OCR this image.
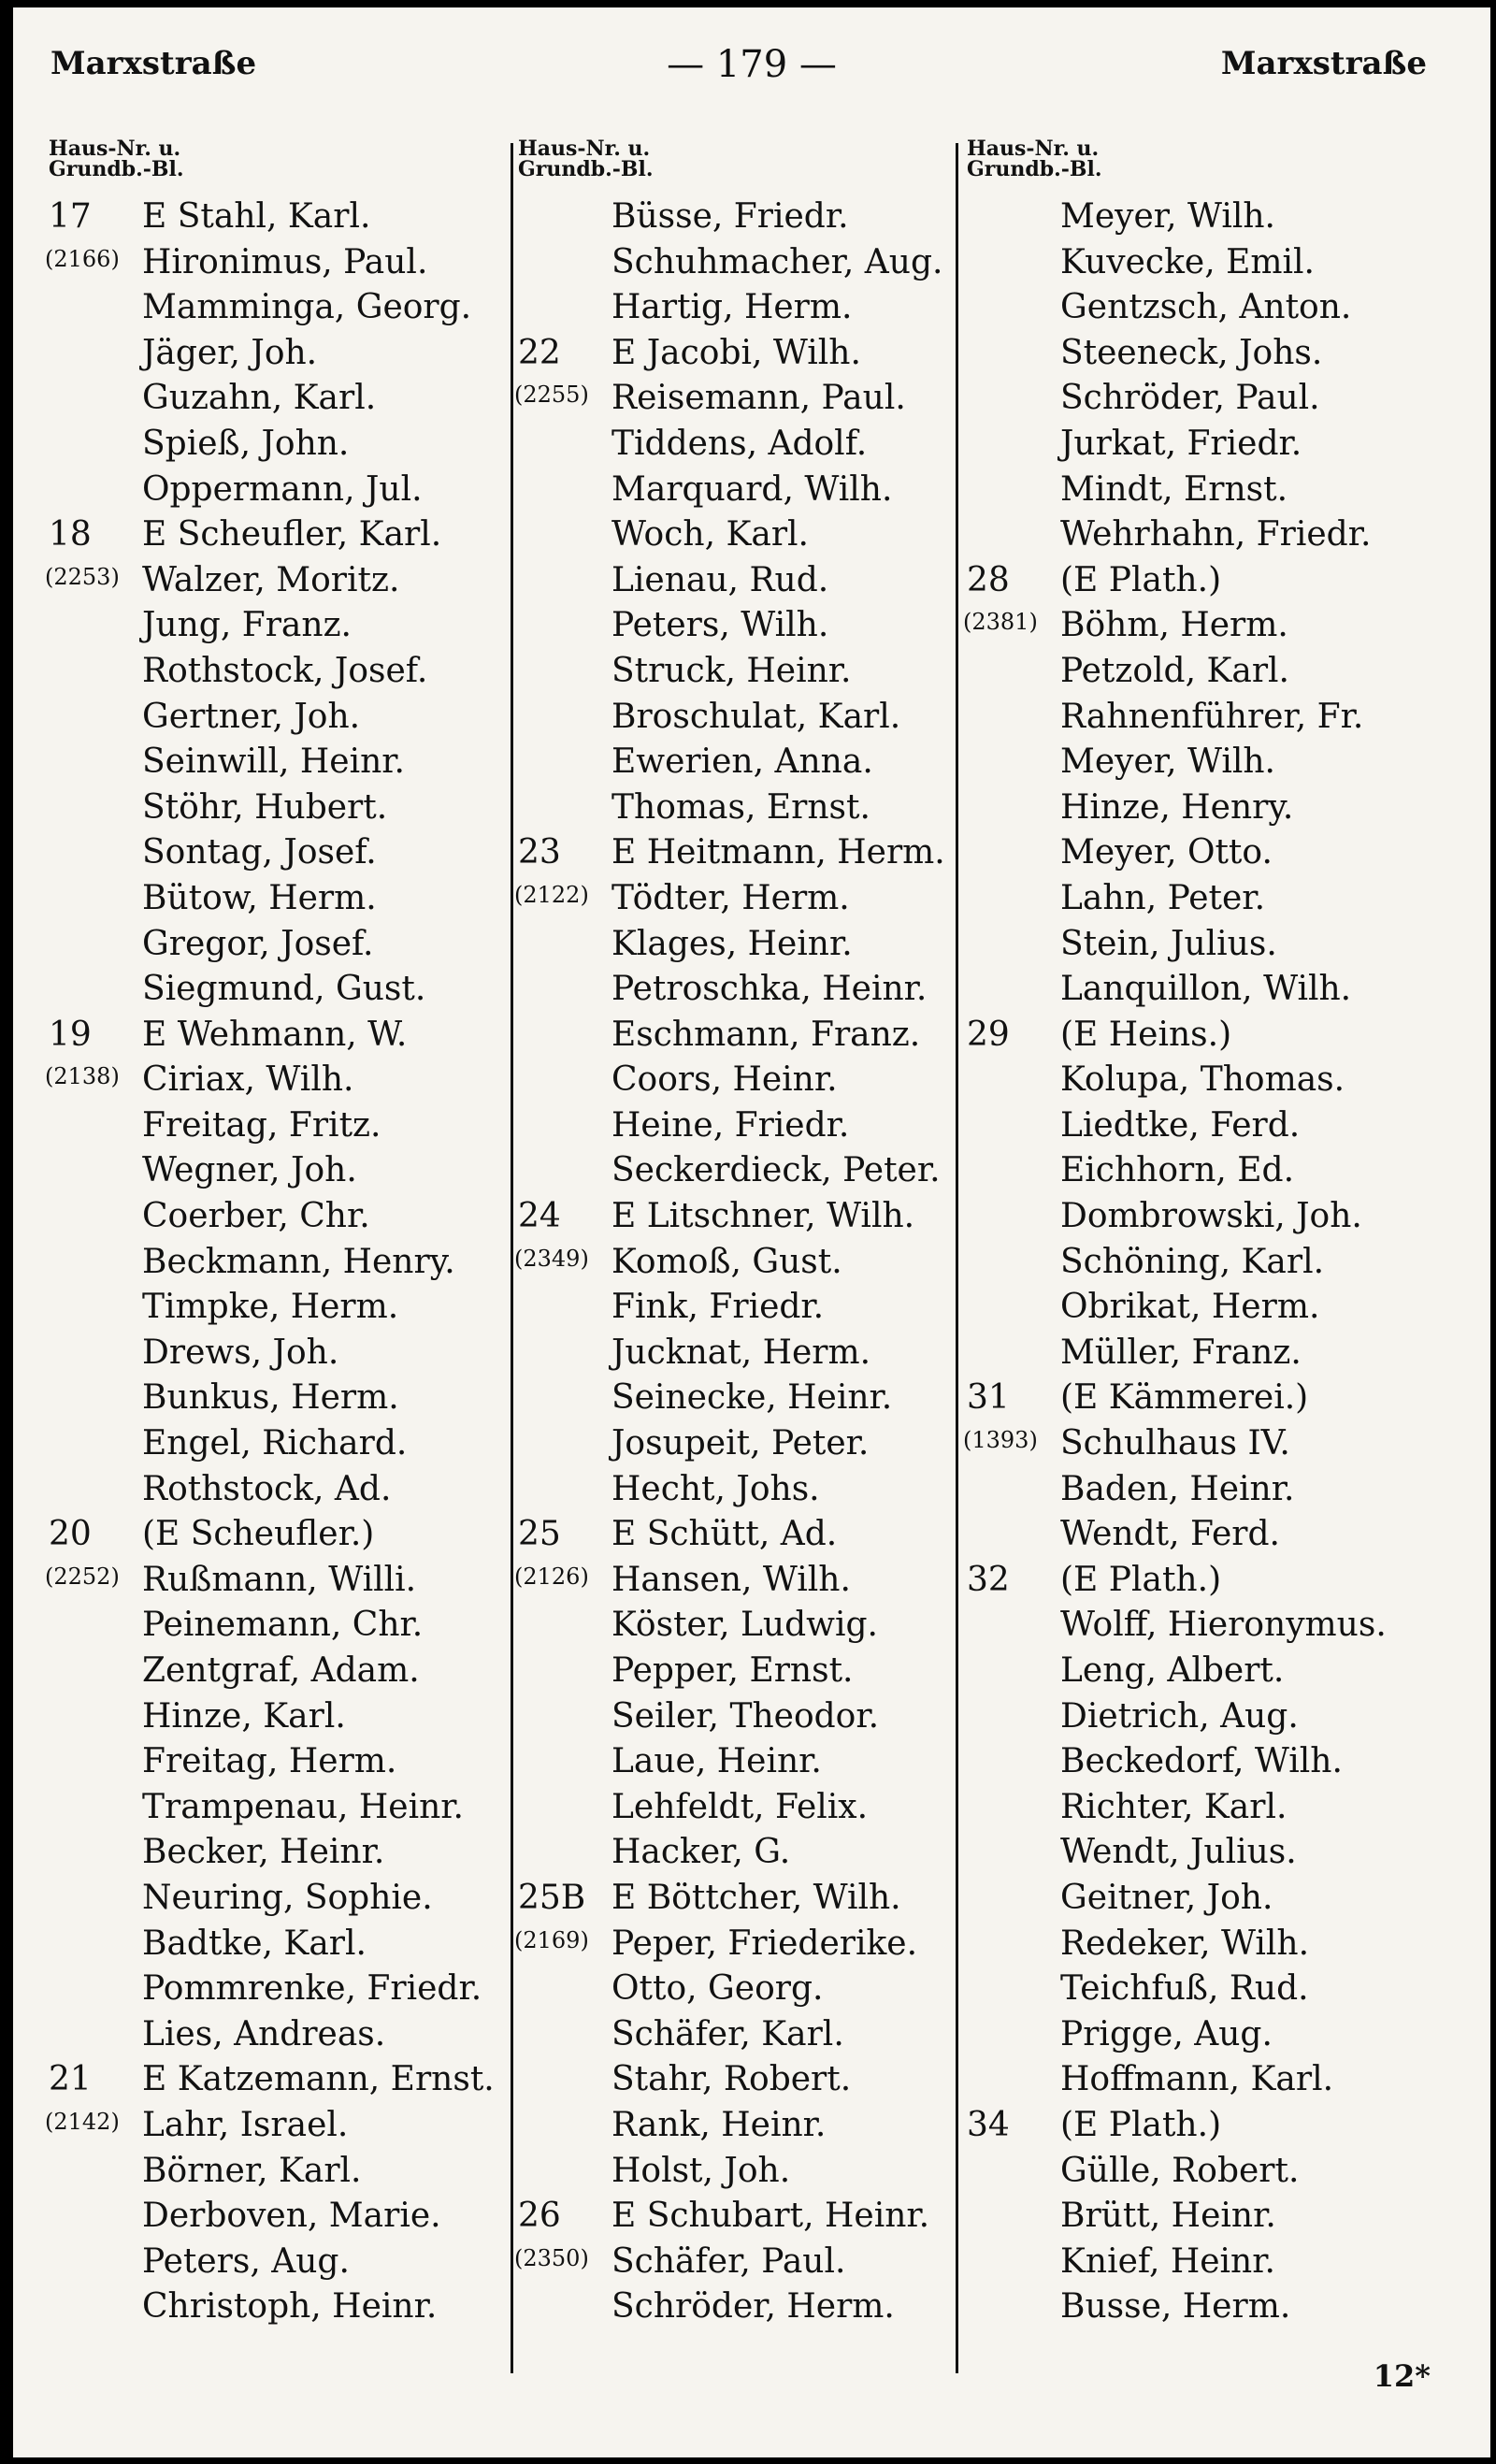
Marxstraße	— 179 —	Marxstraße
Haus-Nr. u.
Grundb.-Bl.
17 E Stahl, Karl.
(2166) Hironimus, Paul.
Mamminga, Georg.
Jäger, Joh.
Guzahn, Karl.
Spieß, John.
Oppermann, Jul.
18 E Scheufler, Karl.
(2253) Walzer, Moritz.
Jung, Franz.
Rothstock, Josef.
Gertner, Joh.
Seinwill, Heinr.
Stöhr, Hubert.
Sontag, Josef.
Bütow, Herm.
Gregor, Josef.
Siegmund, Gust.
19 E Wehmann, W.
(2138) Ciriax, Wilh.
Freitag, Fritz.
Wegner, Joh.
Coerber, Chr.
Beckmann, Henry.
Timpke, Herm.
Drews, Joh.
Bunkus, Herm.
Engel, Richard.
Rothstock, Ad.
20 (E Scheufler.)
(2252) Rußmann, Willi.
Peinemann, Chr.
Zentgraf, Adam.
Hinze, Karl.
Freitag, Herm.
Trampenau, Heinr.
Becker, Heinr.
Neuring, Sophie.
Badtke, Karl.
Pommrenke, Friedr.
Lies, Andreas.
21 E Katzemann, Ernst.
(2142) Lahr, Israel.
Börner, Karl.
Derboven, Marie.
Peters, Aug.
Christoph, Heinr.
Haus-Nr. u.
Grundb.-Bl.
Büsse, Friedr.
Schuhmacher, Aug.
Hartig, Herm.
22 E Jacobi, Wilh.
(2255) Reisemann, Paul.
Tiddens, Adolf.
Marquard, Wilh.
Woch, Karl.
Lienau, Rud.
Peters, Wilh.
Struck, Heinr.
Broschulat, Karl.
Ewerien, Anna.
Thomas, Ernst.
23 E Heitmann, Herm.
(2122) Tödter, Herm.
Klages, Heinr.
Petroschka, Heinr.
Eschmann, Franz.
Coors, Heinr.
Heine, Friedr.
Seckerdieck, Peter.
24 E Litschner, Wilh.
(2349) Komoß, Gust.
Fink, Friedr.
Jucknat, Herm.
Seinecke, Heinr.
Josupeit, Peter.
Hecht, Johs.
25 E Schütt, Ad.
(2126) Hansen, Wilh.
Köster, Ludwig.
Pepper, Ernst.
Seiler, Theodor.
Laue, Heinr.
Lehfeldt, Felix.
Hacker, G.
25B E Böttcher, Wilh.
(2169) Peper, Friederike.
Otto, Georg.
Schäfer, Karl.
Stahr, Robert.
Rank, Heinr.
Holst, Joh.
26 E Schubart, Heinr.
(2350) Schäfer, Paul.
Schröder, Herm.
Haus-Nr. u.
Grundb.-Bl.
Meyer, Wilh.
Kuvecke, Emil.
Gentzsch, Anton.
Steeneck, Johs.
Schröder, Paul.
Jurkat, Friedr.
Mindt, Ernst.
Wehrhahn, Friedr.
28 (E Plath.)
(2381) Böhm, Herm.
Petzold, Karl.
Rahnenführer, Fr.
Meyer, Wilh.
Hinze, Henry.
Meyer, Otto.
Lahn, Peter.
Stein, Julius.
Lanquillon, Wilh.
29 (E Heins.)
Kolupa, Thomas.
Liedtke, Ferd.
Eichhorn, Ed.
Dombrowski, Joh.
Schöning, Karl.
Obrikat, Herm.
Müller, Franz.
31 (E Kämmerei.)
(1393) Schulhaus IV.
Baden, Heinr.
Wendt, Ferd.
32 (E Plath.)
Wolff, Hieronymus.
Leng, Albert.
Dietrich, Aug.
Beckedorf, Wilh.
Richter, Karl.
Wendt, Julius.
Geitner, Joh.
Redeker, Wilh.
Teichfuß, Rud.
Prigge, Aug.
Hoffmann, Karl.
34 (E Plath.)
Gülle, Robert.
Brütt, Heinr.
Knief, Heinr.
Busse, Herm.
12*
